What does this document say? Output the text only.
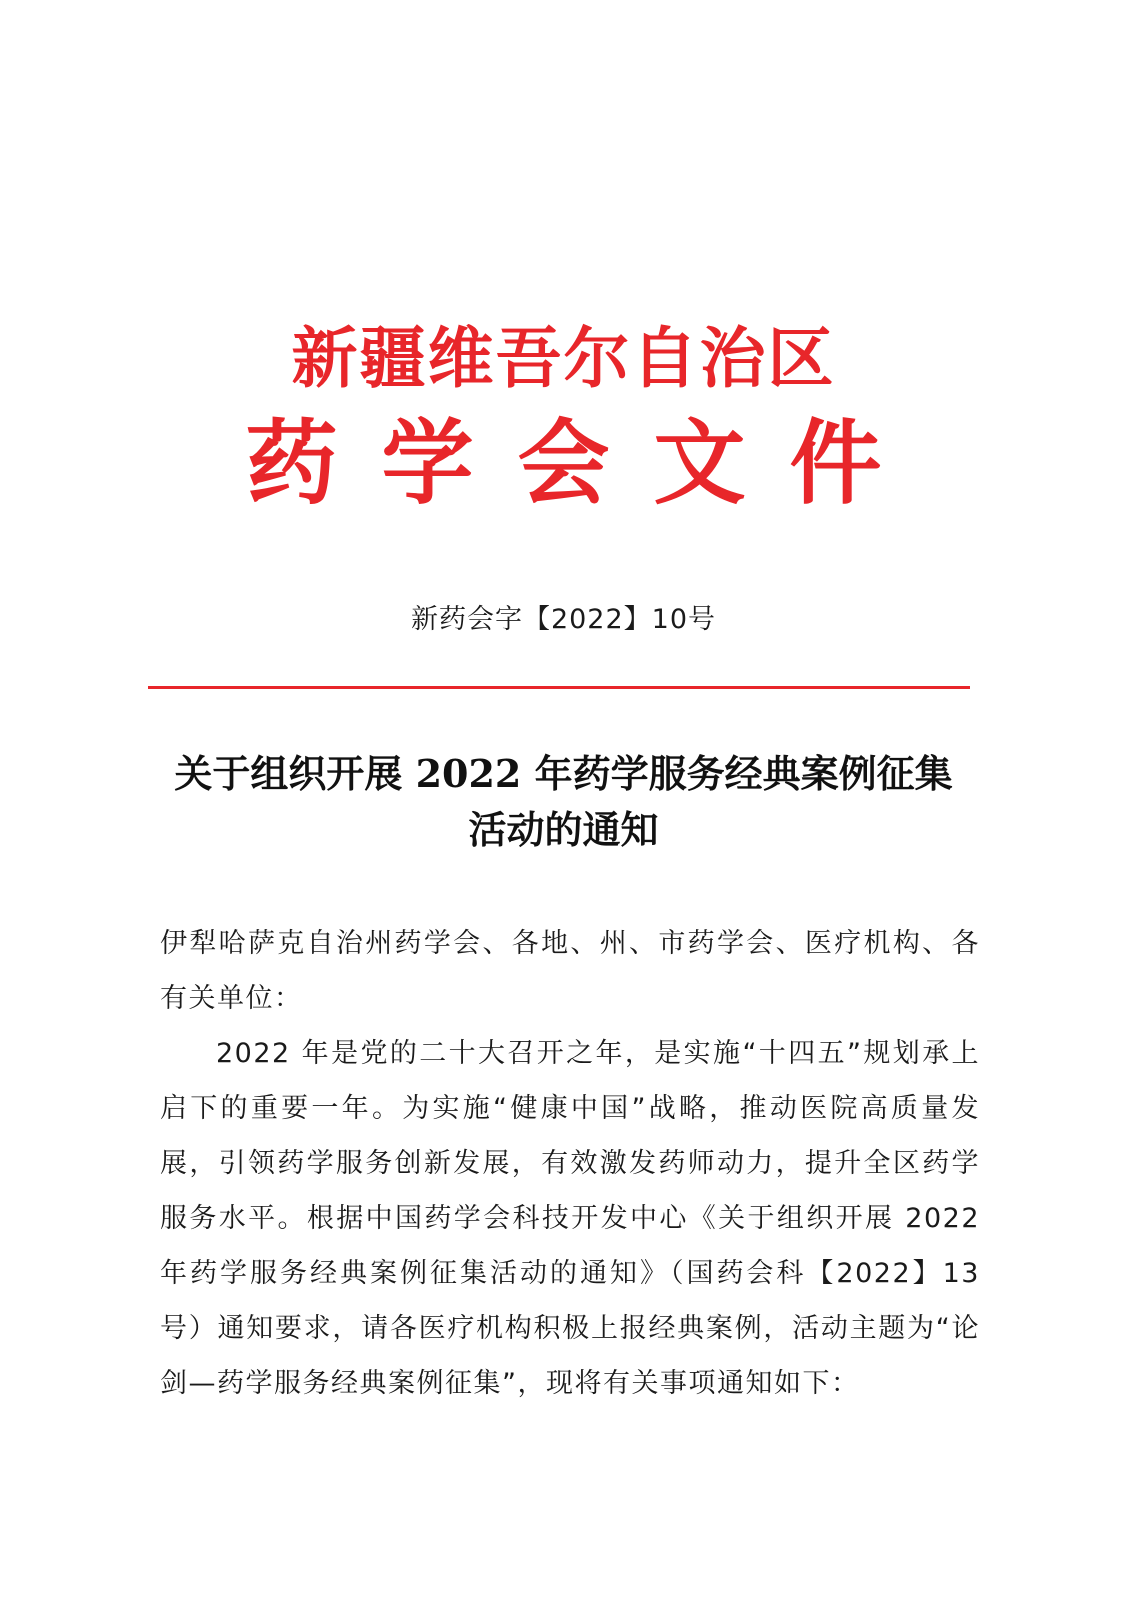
新疆维吾尔自治区
药学会文件
新药会字【2022】10号
关于组织开展 2022 年药学服务经典案例征集
活动的通知

伊犁哈萨克自治州药学会、各地、州、市药学会、医疗机构、各有关单位：

2022 年是党的二十大召开之年，是实施“十四五”规划承上启下的重要一年。为实施“健康中国”战略，推动医院高质量发展，引领药学服务创新发展，有效激发药师动力，提升全区药学服务水平。根据中国药学会科技开发中心《关于组织开展 2022 年药学服务经典案例征集活动的通知》（国药会科【2022】13号）通知要求，请各医疗机构积极上报经典案例，活动主题为“论剑—药学服务经典案例征集”，现将有关事项通知如下：
